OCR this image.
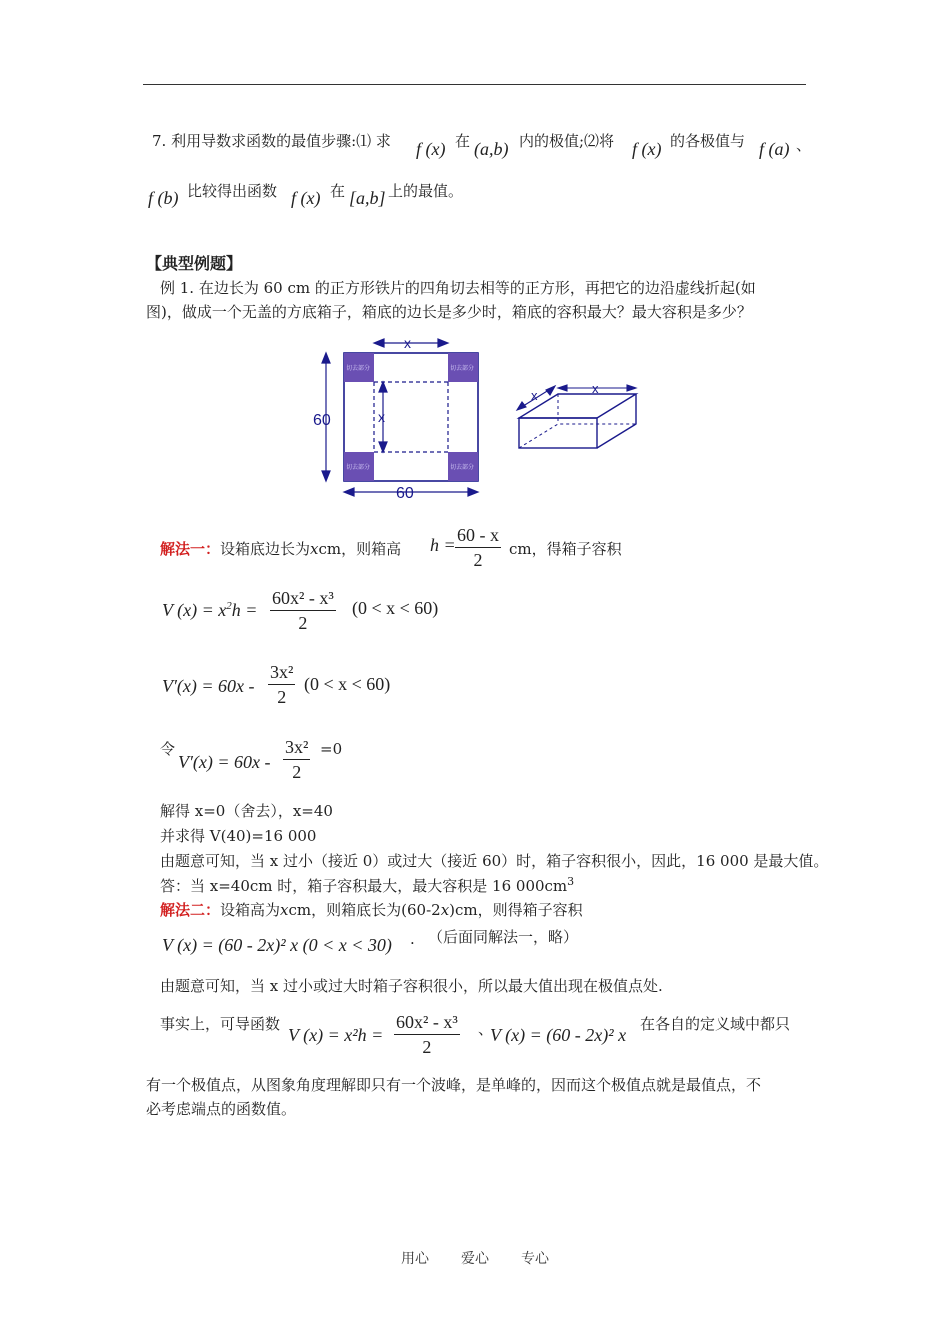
7. 利用导数求函数的最值步骤:⑴ 求 f (x) 在 (a,b) 内的极值;⑵将 f (x) 的各极值与 f (a) 、
f (b) 比较得出函数 f (x) 在 [a,b] 上的最值。
【典型例题】
例 1. 在边长为 60 cm 的正方形铁片的四角切去相等的正方形，再把它的边沿虚线折起(如
图)，做成一个无盖的方底箱子，箱底的边长是多少时，箱底的容积最大？最大容积是多少？
切去部分	切去部分
切去部分	切去部分
60
60
x
x
x	x
解法一：设箱底边长为xcm，则箱高 $h = \frac{60 - x}{2}$ cm，得箱子容积
V $(x) = x^2h = \frac{\text{60x² - x³}}{2} (0 < x < 60)$
$V'(x) = 60x - \frac{\text{3x²}}{2} (0 < x < 60)$
令
$V'(x) = 60x - \frac{\text{3x²}}{2} =0$
解得 x=0（舍去），x=40
并求得 V(40)=16 000
由题意可知，当 x 过小（接近 0）或过大（接近 60）时，箱子容积很小，因此，16 000 是最大值。
答：当 x=40cm 时，箱子容积最大，最大容积是 16 $000cm^3$
解法二：设箱高为xcm，则箱底长为(60-2x)cm，则得箱子容积
V (x) = (60 - 2x)² x (0 < x < 30) . （后面同解法一，略）
由题意可知，当 x 过小或过大时箱子容积很小，所以最大值出现在极值点处.
事实上，可导函数
V $(x) = x^2h = \frac{\text{60x² - x³}}{2}$ 、
V (x) = (60 - 2x)² x
在各自的定义域中都只
有一个极值点，从图象角度理解即只有一个波峰，是单峰的，因而这个极值点就是最值点，不
必考虑端点的函数值。
用心 爱心 专心
